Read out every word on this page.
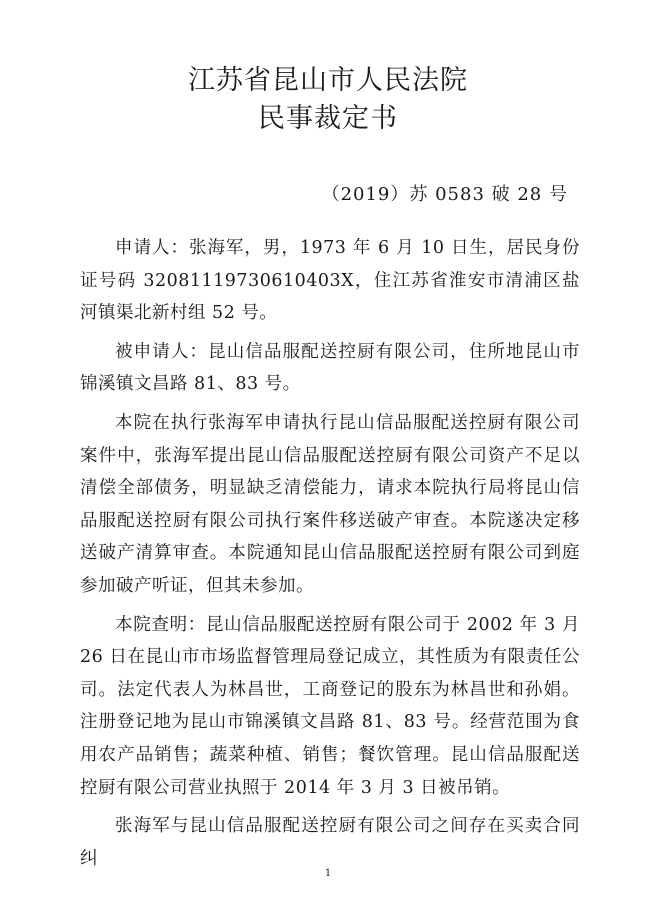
江苏省昆山市人民法院
民事裁定书
（2019）苏 0583 破 28 号

申请人：张海军，男，1973 年 6 月 10 日生，居民身份证号码 32081119730610403X，住江苏省淮安市清浦区盐河镇渠北新村组 52 号。

被申请人：昆山信品服配送控厨有限公司，住所地昆山市锦溪镇文昌路 81、83 号。

本院在执行张海军申请执行昆山信品服配送控厨有限公司案件中，张海军提出昆山信品服配送控厨有限公司资产不足以清偿全部债务，明显缺乏清偿能力，请求本院执行局将昆山信品服配送控厨有限公司执行案件移送破产审查。本院遂决定移送破产清算审查。本院通知昆山信品服配送控厨有限公司到庭参加破产听证，但其未参加。

本院查明：昆山信品服配送控厨有限公司于 2002 年 3 月 26 日在昆山市市场监督管理局登记成立，其性质为有限责任公司。法定代表人为林昌世，工商登记的股东为林昌世和孙娟。注册登记地为昆山市锦溪镇文昌路 81、83 号。经营范围为食用农产品销售；蔬菜种植、销售；餐饮管理。昆山信品服配送控厨有限公司营业执照于 2014 年 3 月 3 日被吊销。

张海军与昆山信品服配送控厨有限公司之间存在买卖合同纠

1
